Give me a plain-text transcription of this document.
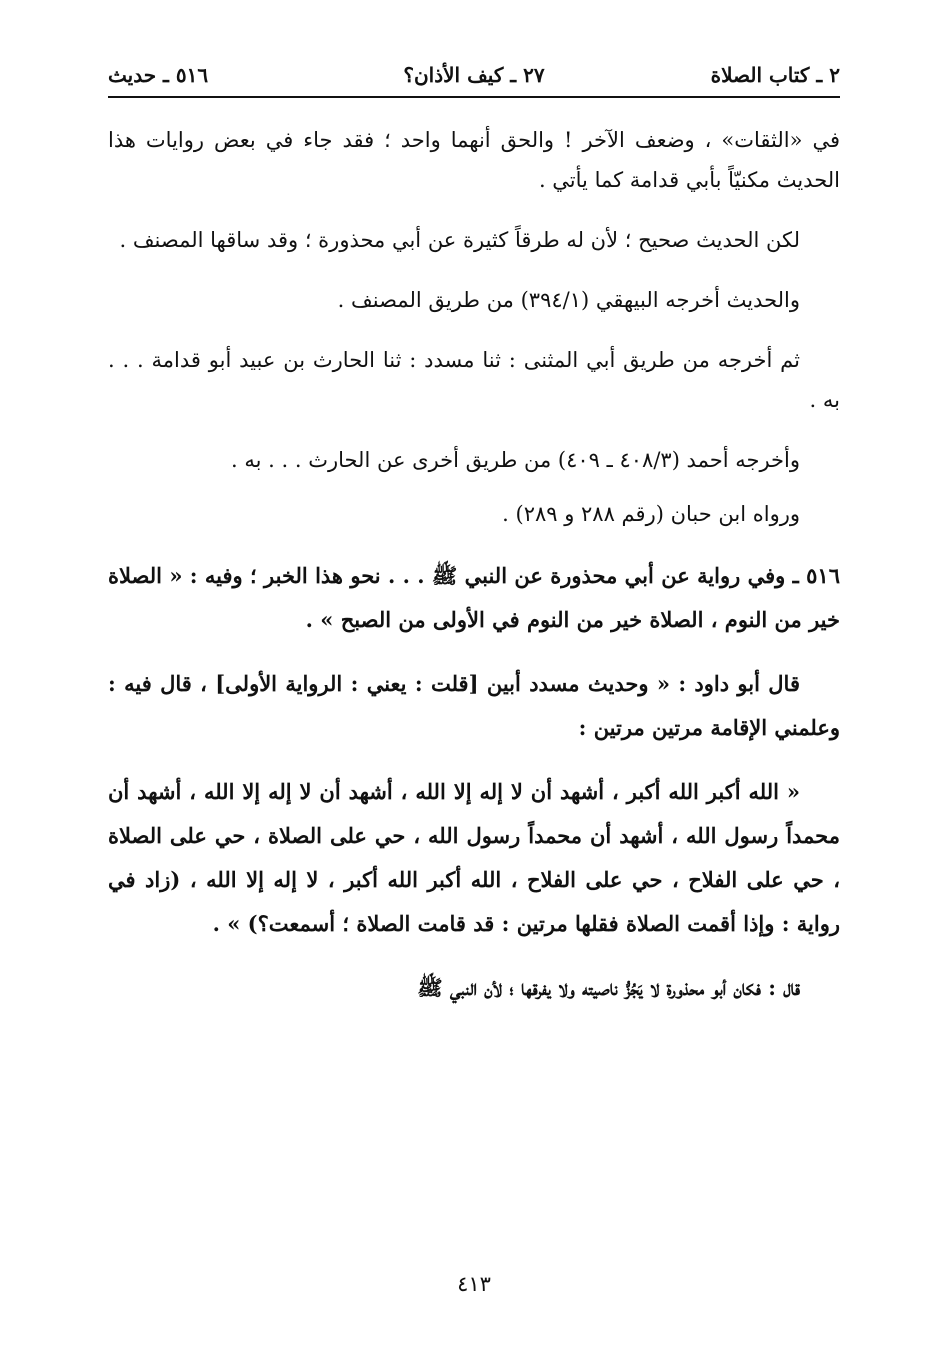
٢ ـ كتاب الصلاة
٢٧ ـ كيف الأذان؟
٥١٦ ـ حديث

في «الثقات» ، وضعف الآخر ! والحق أنهما واحد ؛ فقد جاء في بعض روايات هذا الحديث مكنيّاً بأبي قدامة كما يأتي .

لكن الحديث صحيح ؛ لأن له طرقاً كثيرة عن أبي محذورة ؛ وقد ساقها المصنف .

والحديث أخرجه البيهقي (٣٩٤/١) من طريق المصنف .

ثم أخرجه من طريق أبي المثنى : ثنا مسدد : ثنا الحارث بن عبيد أبو قدامة . . . به .

وأخرجه أحمد (٤٠٨/٣ ـ ٤٠٩) من طريق أخرى عن الحارث . . . به .

ورواه ابن حبان (رقم ٢٨٨ و ٢٨٩) .

٥١٦ ـ وفي رواية عن أبي محذورة عن النبي ﷺ . . . نحو هذا الخبر ؛ وفيه : « الصلاة خير من النوم ، الصلاة خير من النوم في الأولى من الصبح » .

قال أبو داود : « وحديث مسدد أبين [قلت : يعني : الرواية الأولى] ، قال فيه : وعلمني الإقامة مرتين مرتين :

« الله أكبر الله أكبر ، أشهد أن لا إله إلا الله ، أشهد أن لا إله إلا الله ، أشهد أن محمداً رسول الله ، أشهد أن محمداً رسول الله ، حي على الصلاة ، حي على الصلاة ، حي على الفلاح ، حي على الفلاح ، الله أكبر الله أكبر ، لا إله إلا الله ، (زاد في رواية : وإذا أقمت الصلاة فقلها مرتين : قد قامت الصلاة ؛ أسمعت؟) » .

قال : فكان أبو محذورة لا يَجُزُّ ناصيته ولا يفرقها ؛ لأن النبي ﷺ

٤١٣
